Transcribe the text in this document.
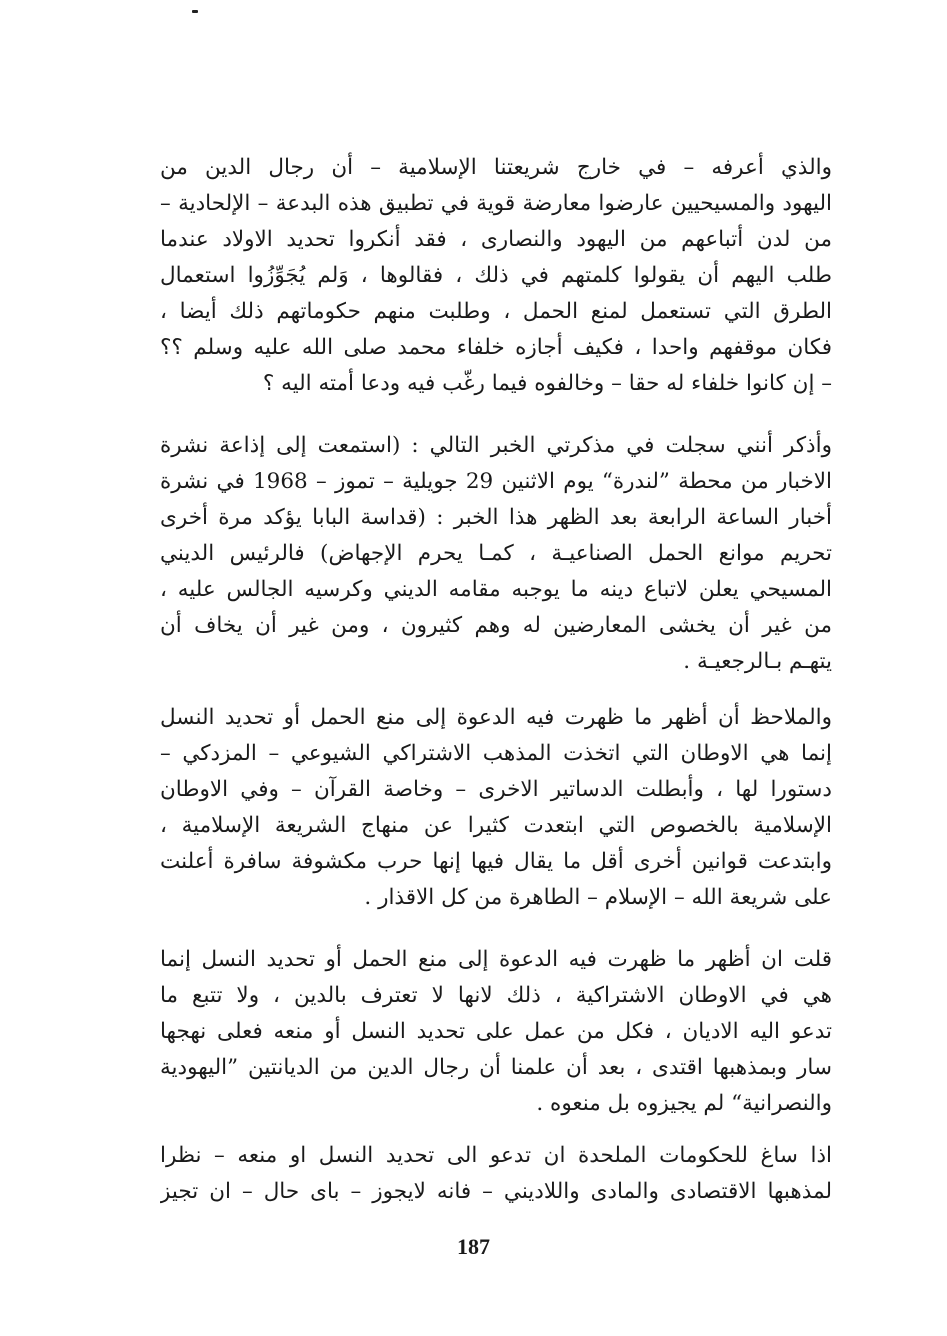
والذي أعرفه – في خارج شريعتنا الإسلامية – أن رجال الدين من
اليهود والمسيحيين عارضوا معارضة قوية في تطبيق هذه البدعة – الإلحادية –
من لدن أتباعهم من اليهود والنصارى ، فقد أنكروا تحديد الاولاد عندما
طلب اليهم أن يقولوا كلمتهم في ذلك ، فقالوها ، وَلم يُجَوِّزُوا استعمال
الطرق التي تستعمل لمنع الحمل ، وطلبت منهم حكوماتهم ذلك أيضا ،
فكان موقفهم واحدا ، فكيف أجازه خلفاء محمد صلى الله عليه وسلم ؟؟
– إن كانوا خلفاء له حقا – وخالفوه فيما رغّب فيه ودعا أمته اليه ؟
وأذكر أنني سجلت في مذكرتي الخبر التالي : (استمعت إلى إذاعة نشرة
الاخبار من محطة ”لندرة“ يوم الاثنين 29 جويلية – تموز – 1968 في نشرة
أخبار الساعة الرابعة بعد الظهر هذا الخبر : (قداسة البابا يؤكد مرة أخرى
تحريم موانع الحمل الصناعيـة ، كمـا يحرم الإجهاض) فالرئيس الديني
المسيحي يعلن لاتباع دينه ما يوجبه مقامه الديني وكرسيه الجالس عليه ،
من غير أن يخشى المعارضين له وهم كثيرون ، ومن غير أن يخاف أن
يتهـم بـالرجعيـة .
والملاحظ أن أظهر ما ظهرت فيه الدعوة إلى منع الحمل أو تحديد النسل
إنما هي الاوطان التي اتخذت المذهب الاشتراكي الشيوعي – المزدكي –
دستورا لها ، وأبطلت الدساتير الاخرى – وخاصة القرآن – وفي الاوطان
الإسلامية بالخصوص التي ابتعدت كثيرا عن منهاج الشريعة الإسلامية ،
وابتدعت قوانين أخرى أقل ما يقال فيها إنها حرب مكشوفة سافرة أعلنت
على شريعة الله – الإسلام – الطاهرة من كل الاقذار .
قلت ان أظهر ما ظهرت فيه الدعوة إلى منع الحمل أو تحديد النسل إنما
هي في الاوطان الاشتراكية ، ذلك لانها لا تعترف بالدين ، ولا تتبع ما
تدعو اليه الاديان ، فكل من عمل على تحديد النسل أو منعه فعلى نهجها
سار وبمذهبها اقتدى ، بعد أن علمنا أن رجال الدين من الديانتين ”اليهودية
والنصرانية“ لم يجيزوه بل منعوه .
اذا ساغ للحكومات الملحدة ان تدعو الى تحديد النسل او منعه – نظرا
لمذهبها الاقتصادى والمادى واللاديني – فانه لايجوز – باى حال – ان تجيز
187
